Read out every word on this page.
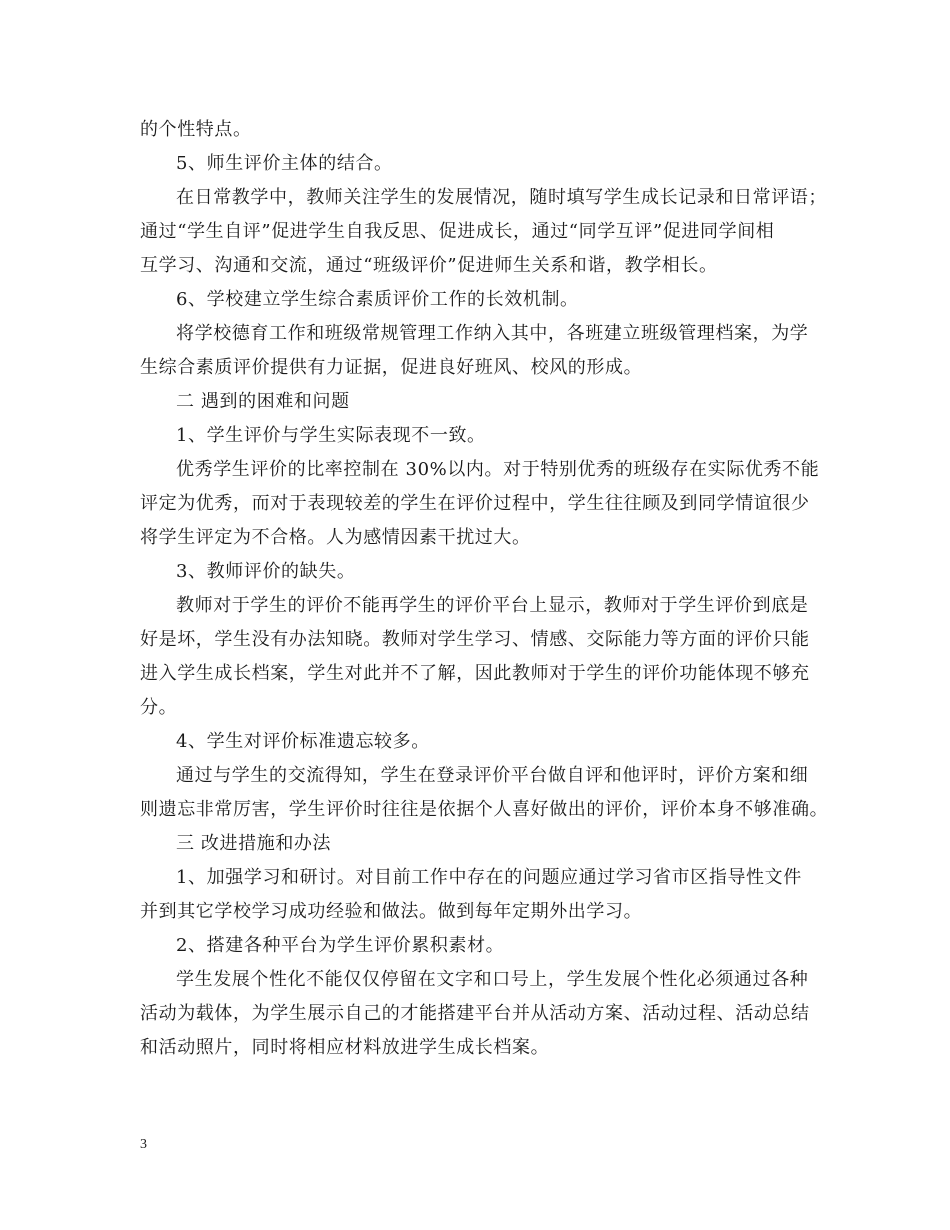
的个性特点。
5、师生评价主体的结合。
在日常教学中，教师关注学生的发展情况，随时填写学生成长记录和日常评语；
通过“学生自评”促进学生自我反思、促进成长，通过“同学互评”促进同学间相
互学习、沟通和交流，通过“班级评价”促进师生关系和谐，教学相长。
6、学校建立学生综合素质评价工作的长效机制。
将学校德育工作和班级常规管理工作纳入其中，各班建立班级管理档案，为学
生综合素质评价提供有力证据，促进良好班风、校风的形成。
二 遇到的困难和问题
1、学生评价与学生实际表现不一致。
优秀学生评价的比率控制在 30%以内。对于特别优秀的班级存在实际优秀不能
评定为优秀，而对于表现较差的学生在评价过程中，学生往往顾及到同学情谊很少
将学生评定为不合格。人为感情因素干扰过大。
3、教师评价的缺失。
教师对于学生的评价不能再学生的评价平台上显示，教师对于学生评价到底是
好是坏，学生没有办法知晓。教师对学生学习、情感、交际能力等方面的评价只能
进入学生成长档案，学生对此并不了解，因此教师对于学生的评价功能体现不够充
分。
4、学生对评价标准遗忘较多。
通过与学生的交流得知，学生在登录评价平台做自评和他评时，评价方案和细
则遗忘非常厉害，学生评价时往往是依据个人喜好做出的评价，评价本身不够准确。
三 改进措施和办法
1、加强学习和研讨。对目前工作中存在的问题应通过学习省市区指导性文件
并到其它学校学习成功经验和做法。做到每年定期外出学习。
2、搭建各种平台为学生评价累积素材。
学生发展个性化不能仅仅停留在文字和口号上，学生发展个性化必须通过各种
活动为载体，为学生展示自己的才能搭建平台并从活动方案、活动过程、活动总结
和活动照片，同时将相应材料放进学生成长档案。
3
